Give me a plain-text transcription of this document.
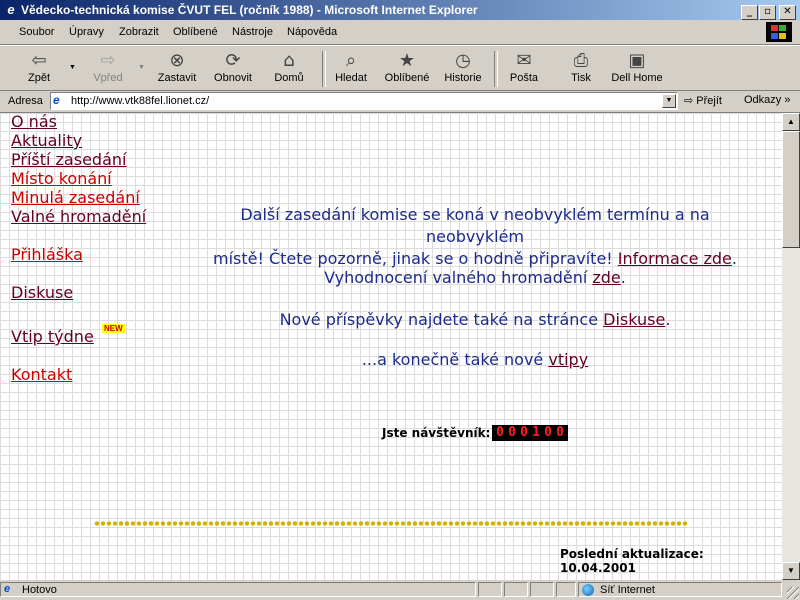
e Vědecko-technická komise ČVUT FEL (ročník 1988) - Microsoft Internet Explorer	_ ▫ ✕
Soubor Úpravy Zobrazit Oblíbené Nástroje Nápověda
⇦
Zpět
▼	⇨
Vpřed
▼	⊗
Zastavit
⟳
Obnovit
⌂
Domů
⌕
Hledat
★
Oblíbené
◷
Historie
✉
Pošta
⎙
Tisk
▣
Dell Home
Adresa e	http://www.vtk88fel.lionet.cz/	▼	⇨ Přejít Odkazy »
O nás
Aktuality
Příští zasedání
Místo konání
Minulá zasedání
Valné hromadění
Přihláška
Diskuse
Vtip týdne NEW
Kontakt
Další zasedání komise se koná v neobvyklém termínu a na neobvyklém
místě! Čtete pozorně, jinak se o hodně připravíte! Informace zde.
Vyhodnocení valného hromadění zde.
Nové příspěvky najdete také na stránce Diskuse.
...a konečně také nové vtipy
Jste návštěvník: 0 0 0 1 0 0
Poslední aktualizace: 10.04.2001
▲
▼
e Hotovo	Síť Internet
